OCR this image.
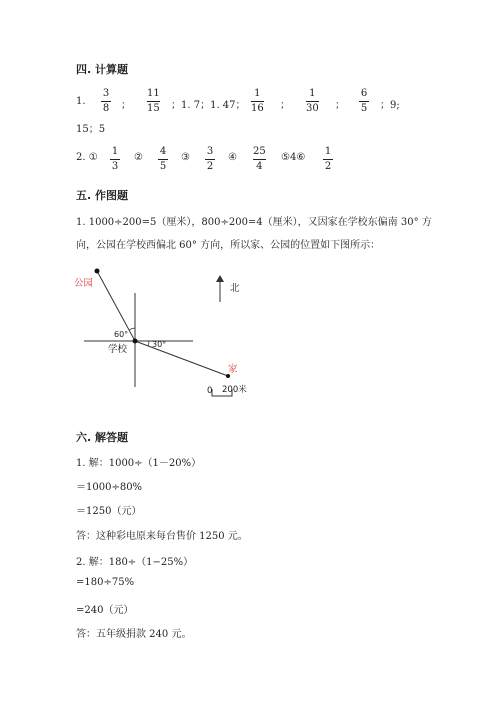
四. 计算题
1.
3
8 ；
11
15 ；1. 7；1. 47；
1
16 ；
1
30 ；
6
5 ；9;
15；5
2. ①
1
3
②
4
5
③
3
2
④
25
4
⑤4⑥
1
2
五. 作图题
1. 1000÷200=5（厘米），800÷200=4（厘米），又因家在学校东偏南 30° 方
向，公园在学校西偏北 60° 方向，所以家、公园的位置如下图所示：
公园
60°
30°
学校
家
北
0 200米
六. 解答题
1. 解：1000÷（1－20%）
＝1000÷80%
＝1250（元）
答：这种彩电原来每台售价 1250 元。
2. 解：180÷（1−25%）
=180÷75%
=240（元）
答：五年级捐款 240 元。
